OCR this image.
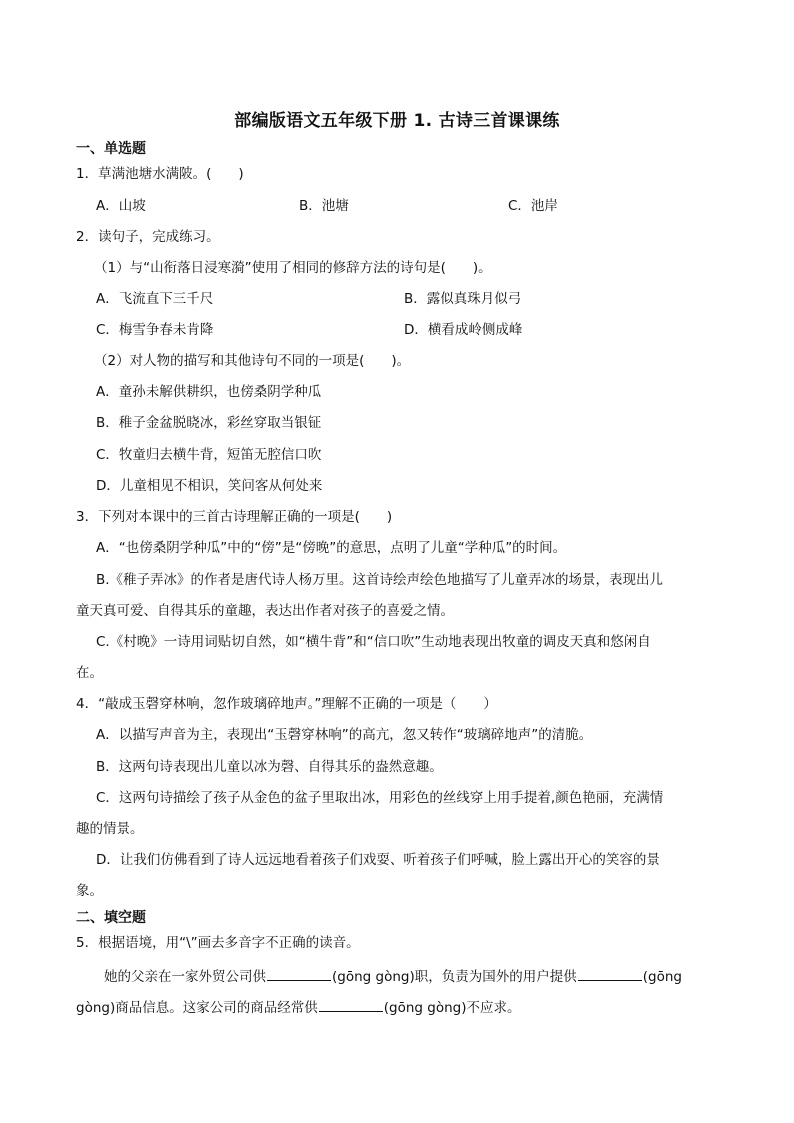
部编版语文五年级下册 1. 古诗三首课课练
一、单选题
1．草满池塘水满陂。(　　)
A．山坡	B．池塘	C．池岸
2．读句子，完成练习。
（1）与“山衔落日浸寒漪”使用了相同的修辞方法的诗句是(　　)。
A．飞流直下三千尺	B．露似真珠月似弓
C．梅雪争春未肯降	D．横看成岭侧成峰
（2）对人物的描写和其他诗句不同的一项是(　　)。
A．童孙未解供耕织，也傍桑阴学种瓜
B．稚子金盆脱晓冰，彩丝穿取当银钲
C．牧童归去横牛背，短笛无腔信口吹
D．儿童相见不相识，笑问客从何处来
3．下列对本课中的三首古诗理解正确的一项是(　　)
A．“也傍桑阴学种瓜”中的“傍”是“傍晚”的意思，点明了儿童“学种瓜”的时间。
B.《稚子弄冰》的作者是唐代诗人杨万里。这首诗绘声绘色地描写了儿童弄冰的场景，表现出儿
童天真可爱、自得其乐的童趣，表达出作者对孩子的喜爱之情。
C.《村晚》一诗用词贴切自然，如“横牛背”和“信口吹”生动地表现出牧童的调皮天真和悠闲自
在。
4．“敲成玉磬穿林响，忽作玻璃碎地声。”理解不正确的一项是（　　）
A．以描写声音为主，表现出“玉磬穿林响”的高亢，忽又转作“玻璃碎地声”的清脆。
B．这两句诗表现出儿童以冰为磬、自得其乐的盎然意趣。
C．这两句诗描绘了孩子从金色的盆子里取出冰，用彩色的丝线穿上用手提着,颜色艳丽，充满情
趣的情景。
D．让我们仿佛看到了诗人远远地看着孩子们戏耍、听着孩子们呼喊，脸上露出开心的笑容的景
象。
二、填空题
5．根据语境，用“\”画去多音字不正确的读音。
她的父亲在一家外贸公司供	(gōng gòng)职，负责为国外的用户提供	(gōng
gòng)商品信息。这家公司的商品经常供	(gōng gòng)不应求。
